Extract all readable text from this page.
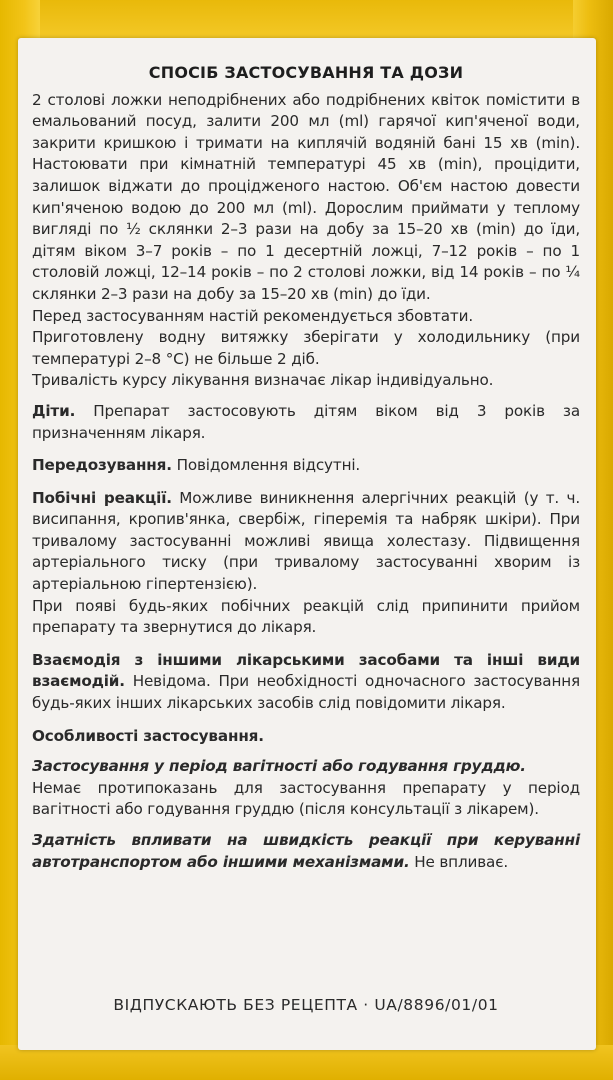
СПОСІБ ЗАСТОСУВАННЯ ТА ДОЗИ

2 столові ложки неподрібнених або подрібнених квіток помістити в емальований посуд, залити 200 мл (ml) гарячої кип'яченої води, закрити кришкою і тримати на киплячій водяній бані 15 хв (min). Настоювати при кімнатній температурі 45 хв (min), процідити, залишок віджати до процідженого настою. Об'єм настою довести кип'яченою водою до 200 мл (ml). Дорослим приймати у теплому вигляді по ½ склянки 2–3 рази на добу за 15–20 хв (min) до їди, дітям віком 3–7 років – по 1 десертній ложці, 7–12 років – по 1 столовій ложці, 12–14 років – по 2 столові ложки, від 14 років – по ¼ склянки 2–3 рази на добу за 15–20 хв (min) до їди.

Перед застосуванням настій рекомендується збовтати.

Приготовлену водну витяжку зберігати у холодильнику (при температурі 2–8 °С) не більше 2 діб.

Тривалість курсу лікування визначає лікар індивідуально.

Діти. Препарат застосовують дітям віком від 3 років за призначенням лікаря.

Передозування. Повідомлення відсутні.

Побічні реакції. Можливе виникнення алергічних реакцій (у т. ч. висипання, кропив'янка, свербіж, гіперемія та набряк шкіри). При тривалому застосуванні можливі явища холестазу. Підвищення артеріального тиску (при тривалому застосуванні хворим із артеріальною гіпертензією).

При появі будь-яких побічних реакцій слід припинити прийом препарату та звернутися до лікаря.

Взаємодія з іншими лікарськими засобами та інші види взаємодій. Невідома. При необхідності одночасного застосування будь-яких інших лікарських засобів слід повідомити лікаря.

Особливості застосування.

Застосування у період вагітності або годування груддю.

Немає протипоказань для застосування препарату у період вагітності або годування груддю (після консультації з лікарем).

Здатність впливати на швидкість реакції при керуванні автотранспортом або іншими механізмами. Не впливає.

ВІДПУСКАЮТЬ БЕЗ РЕЦЕПТА · UA/8896/01/01
